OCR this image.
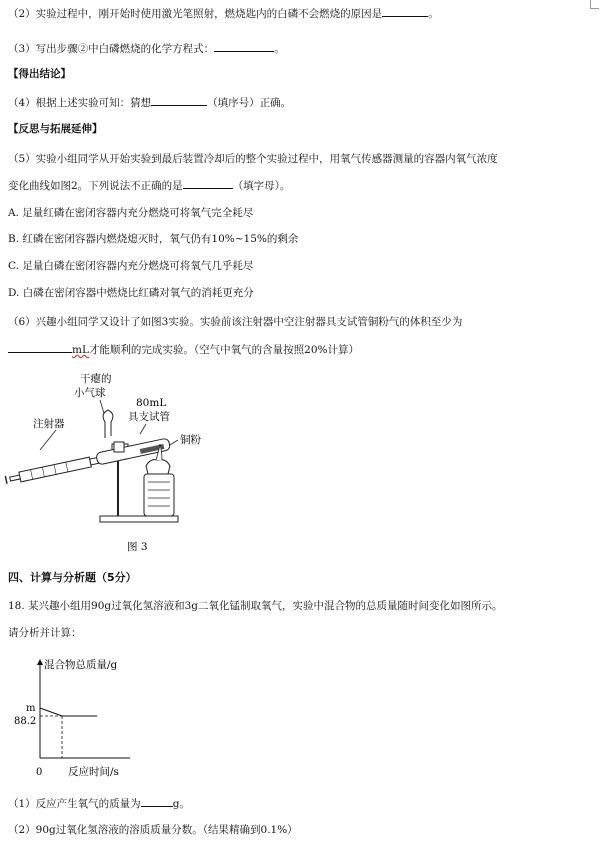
（2）实验过程中，刚开始时使用激光笔照射，燃烧匙内的白磷不会燃烧的原因是	。
（3）写出步骤②中白磷燃烧的化学方程式：	。
【得出结论】
（4）根据上述实验可知：猜想	（填序号）正确。
【反思与拓展延伸】
（5）实验小组同学从开始实验到最后装置冷却后的整个实验过程中，用氧气传感器测量的容器内氧气浓度
变化曲线如图2。下列说法不正确的是	（填字母）。
A. 足量红磷在密闭容器内充分燃烧可将氧气完全耗尽
B. 红磷在密闭容器内燃烧熄灭时，氧气仍有10%~15%的剩余
C. 足量白磷在密闭容器内充分燃烧可将氧气几乎耗尽
D. 白磷在密闭容器中燃烧比红磷对氧气的消耗更充分
（6）兴趣小组同学又设计了如图3实验。实验前该注射器中空注射器具支试管铜粉气的体积至少为
mL才能顺利的完成实验。（空气中氧气的含量按照20%计算）
干瘪的
小气球
80mL
具支试管
注射器
铜粉
图 3
四、计算与分析题（5分）
18. 某兴趣小组用90g过氧化氢溶液和3g二氧化锰制取氧气，实验中混合物的总质量随时间变化如图所示。
请分析并计算：
m
88.2
混合物总质量/g
反应时间/s
0
（1）反应产生氧气的质量为	g。
（2）90g过氧化氢溶液的溶质质量分数。（结果精确到0.1%）
